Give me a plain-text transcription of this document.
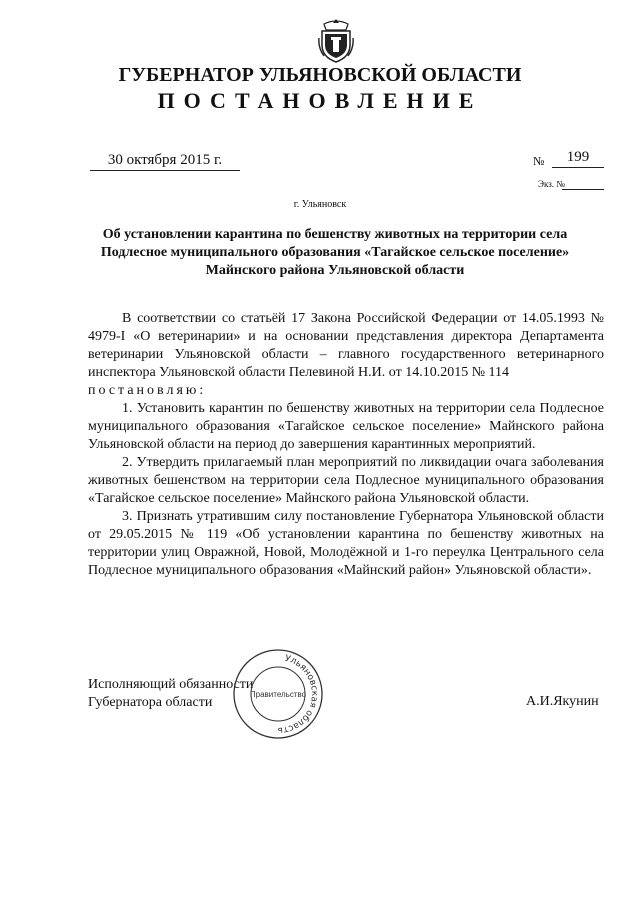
ГУБЕРНАТОР УЛЬЯНОВСКОЙ ОБЛАСТИ
ПОСТАНОВЛЕНИЕ
30 октября 2015 г.	№	199
Экз. №
г. Ульяновск
Об установлении карантина по бешенству животных на территории села Подлесное муниципального образования «Тагайское сельское поселение» Майнского района Ульяновской области

В соответствии со статьёй 17 Закона Российской Федерации от 14.05.1993 № 4979-I «О ветеринарии» и на основании представления директора Департамента ветеринарии Ульяновской области – главного государственного ветеринарного инспектора Ульяновской области Пелевиной Н.И. от 14.10.2015 № 114

постановляю:

1. Установить карантин по бешенству животных на территории села Подлесное муниципального образования «Тагайское сельское поселение» Майнского района Ульяновской области на период до завершения карантинных мероприятий.

2. Утвердить прилагаемый план мероприятий по ликвидации очага заболевания животных бешенством на территории села Подлесное муниципального образования «Тагайское сельское поселение» Майнского района Ульяновской области.

3. Признать утратившим силу постановление Губернатора Ульяновской области от 29.05.2015 № 119 «Об установлении карантина по бешенству животных на территории улиц Овражной, Новой, Молодёжной и 1-го переулка Центрального села Подлесное муниципального образования «Майнский район» Ульяновской области».

Исполняющий обязанности
Губернатора области	А.И.Якунин
Ульяновская область
Правительство
